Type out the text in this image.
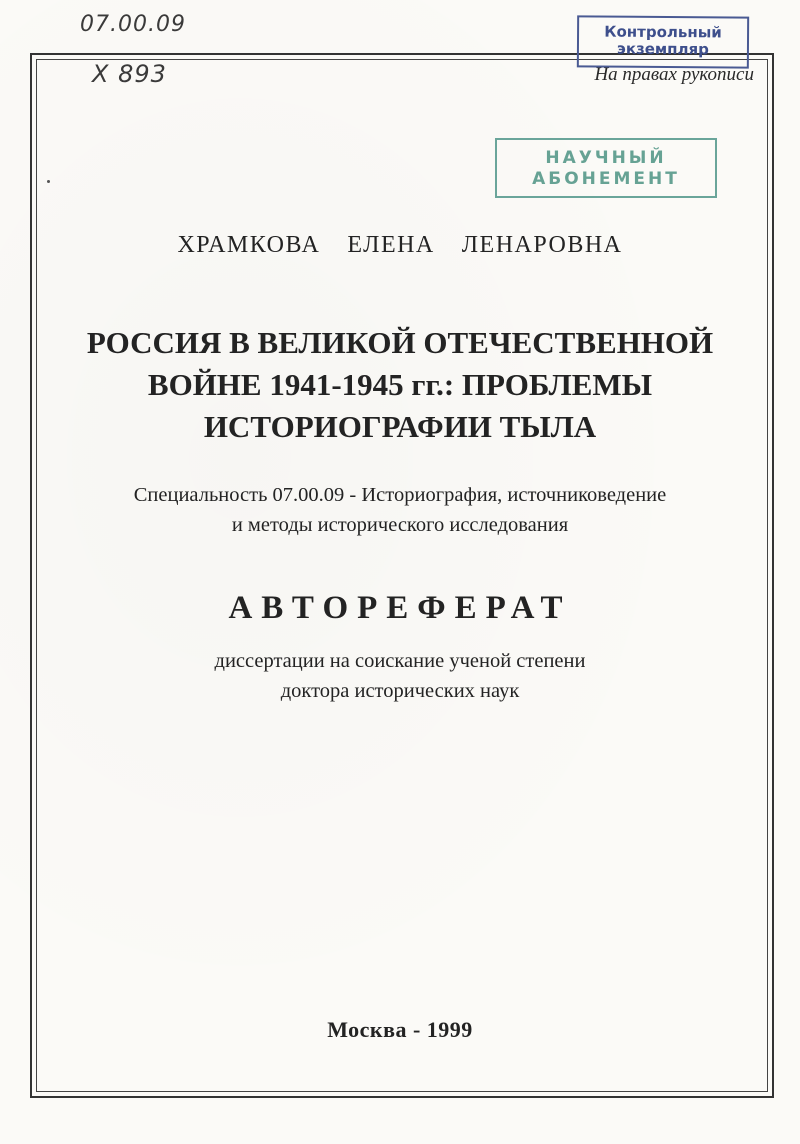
07.00.09
X 893
Контрольный
экземпляр
На правах рукописи
НАУЧНЫЙ
АБОНЕМЕНТ
ХРАМКОВА  ЕЛЕНА  ЛЕНАРОВНА
РОССИЯ В ВЕЛИКОЙ ОТЕЧЕСТВЕННОЙ
ВОЙНЕ 1941-1945 гг.: ПРОБЛЕМЫ
ИСТОРИОГРАФИИ ТЫЛА
Специальность 07.00.09 - Историография, источниковедение
и методы исторического исследования
АВТОРЕФЕРАТ
диссертации на соискание ученой степени
доктора исторических наук
Москва - 1999
